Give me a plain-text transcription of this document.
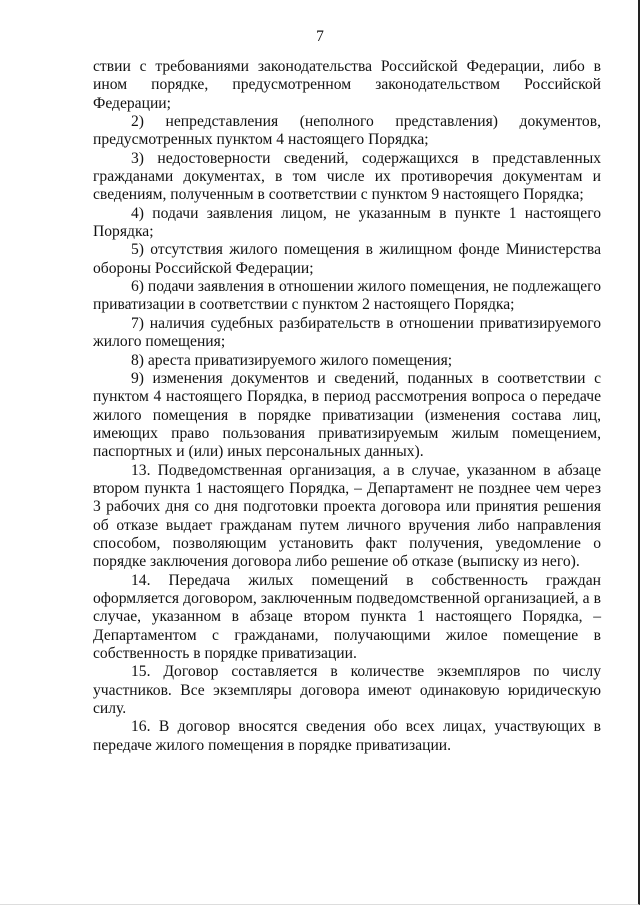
7

ствии с требованиями законодательства Российской Федерации, либо в ином порядке, предусмотренном законодательством Российской Федерации;

2) непредставления (неполного представления) документов, предусмотренных пунктом 4 настоящего Порядка;

3) недостоверности сведений, содержащихся в представленных гражданами документах, в том числе их противоречия документам и сведениям, полученным в соответствии с пунктом 9 настоящего Порядка;

4) подачи заявления лицом, не указанным в пункте 1 настоящего Порядка;

5) отсутствия жилого помещения в жилищном фонде Министерства обороны Российской Федерации;

6) подачи заявления в отношении жилого помещения, не подлежащего приватизации в соответствии с пунктом 2 настоящего Порядка;

7) наличия судебных разбирательств в отношении приватизируемого жилого помещения;

8) ареста приватизируемого жилого помещения;

9) изменения документов и сведений, поданных в соответствии с пунктом 4 настоящего Порядка, в период рассмотрения вопроса о передаче жилого помещения в порядке приватизации (изменения состава лиц, имеющих право пользования приватизируемым жилым помещением, паспортных и (или) иных персональных данных).

13. Подведомственная организация, а в случае, указанном в абзаце втором пункта 1 настоящего Порядка, – Департамент не позднее чем через 3 рабочих дня со дня подготовки проекта договора или принятия решения об отказе выдает гражданам путем личного вручения либо направления способом, позволяющим установить факт получения, уведомление о порядке заключения договора либо решение об отказе (выписку из него).

14. Передача жилых помещений в собственность граждан оформляется договором, заключенным подведомственной организацией, а в случае, указанном в абзаце втором пункта 1 настоящего Порядка, – Департаментом с гражданами, получающими жилое помещение в собственность в порядке приватизации.

15. Договор составляется в количестве экземпляров по числу участников. Все экземпляры договора имеют одинаковую юридическую силу.

16. В договор вносятся сведения обо всех лицах, участвующих в передаче жилого помещения в порядке приватизации.
